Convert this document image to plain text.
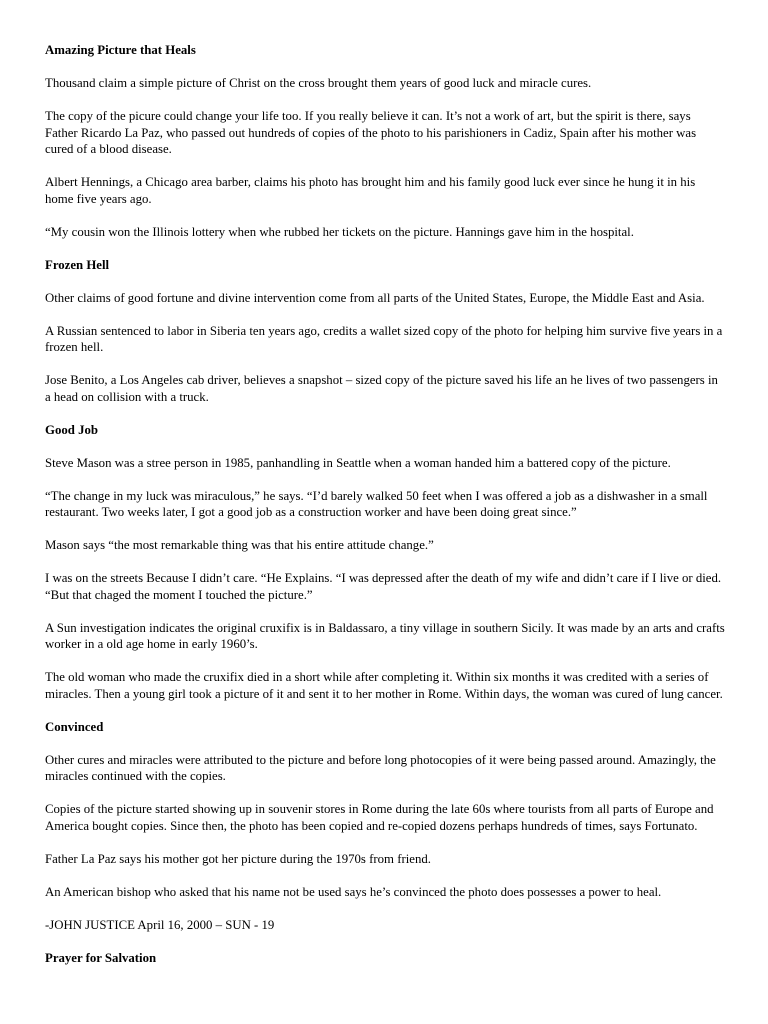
Amazing Picture that Heals
Thousand claim a simple picture of Christ on the cross brought them years of good luck and miracle cures.
The copy of the picure could change your life too. If you really believe it can. It’s not a work of art, but the spirit is there, says Father Ricardo La Paz, who passed out hundreds of copies of the photo to his parishioners in Cadiz, Spain after his mother was cured of a blood disease.
Albert Hennings, a Chicago area barber, claims his photo has brought him and his family good luck ever since he hung it in his home five years ago.
“My cousin won the Illinois lottery when whe rubbed her tickets on the picture. Hannings gave him in the hospital.
Frozen Hell
Other claims of good fortune and divine intervention come from all parts of the United States, Europe, the Middle East and Asia.
A Russian sentenced to labor in Siberia ten years ago, credits a wallet sized copy of the photo for helping him survive five years in a frozen hell.
Jose Benito, a Los Angeles cab driver, believes a snapshot – sized copy of the picture saved his life an he lives of two passengers in a head on collision with a truck.
Good Job
Steve Mason was a stree person in 1985, panhandling in Seattle when a woman handed him a battered copy of the picture.
“The change in my luck was miraculous,” he says. “I’d barely walked 50 feet when I was offered a job as a dishwasher in a small restaurant. Two weeks later, I got a good job as a construction worker and have been doing great since.”
Mason says “the most remarkable thing was that his entire attitude change.”
I was on the streets Because I didn’t care. “He Explains. “I was depressed after the death of my wife and didn’t care if I live or died. “But that chaged the moment I touched the picture.”
A Sun investigation indicates the original cruxifix is in Baldassaro, a tiny village in southern Sicily. It was made by an arts and crafts worker in a old age home in early 1960’s.
The old woman who made the cruxifix died in a short while after completing it. Within six months it was credited with a series of miracles. Then a young girl took a picture of it and sent it to her mother in Rome. Within days, the woman was cured of lung cancer.
Convinced
Other cures and miracles were attributed to the picture and before long photocopies of it were being passed around. Amazingly, the miracles continued with the copies.
Copies of the picture started showing up in souvenir stores in Rome during the late 60s where tourists from all parts of Europe and America bought copies. Since then, the photo has been copied and re-copied dozens perhaps hundreds of times, says Fortunato.
Father La Paz says his mother got her picture during the 1970s from friend.
An American bishop who asked that his name not be used says he’s convinced the photo does possesses a power to heal.
-JOHN JUSTICE April 16, 2000 – SUN - 19
Prayer for Salvation
